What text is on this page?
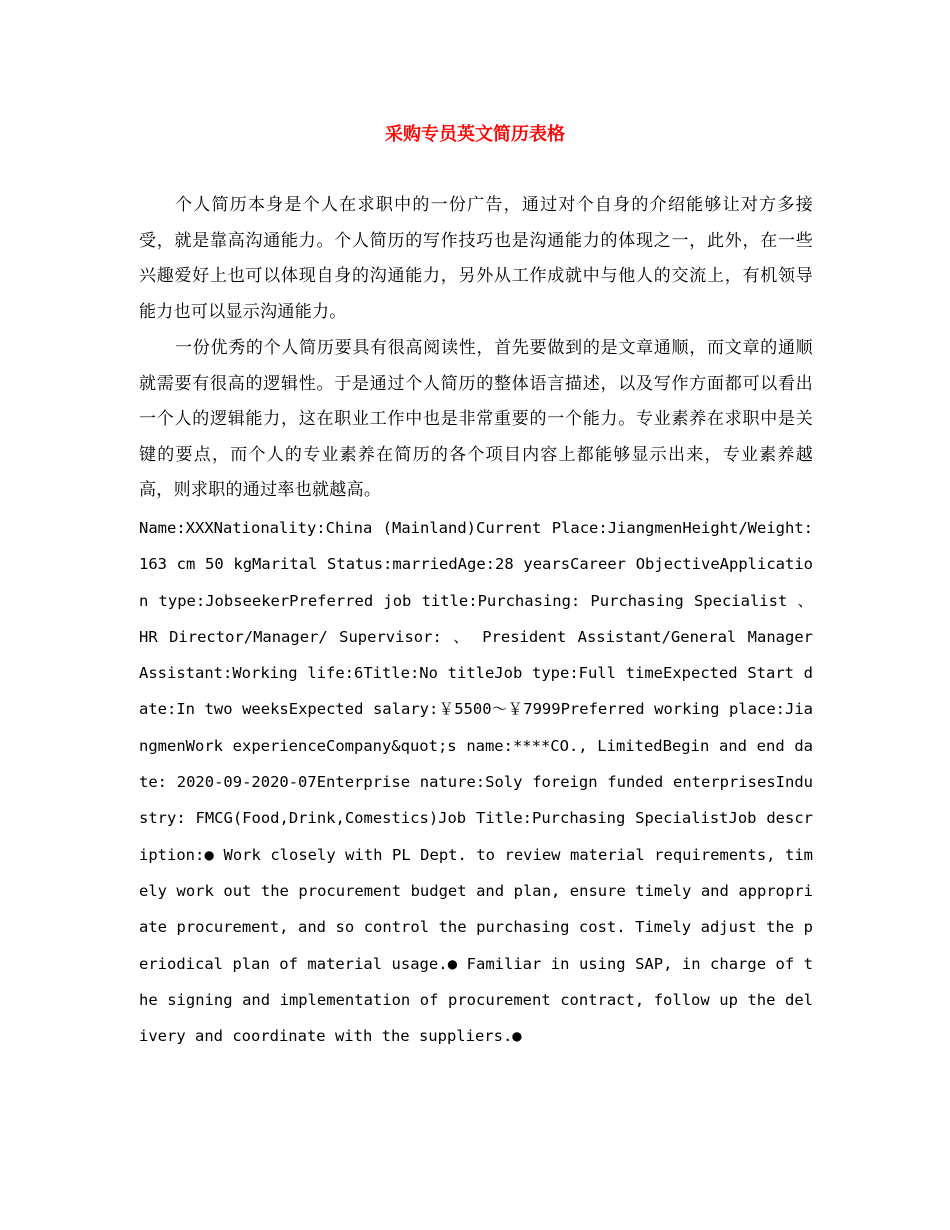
采购专员英文简历表格

个人简历本身是个人在求职中的一份广告，通过对个自身的介绍能够让对方多接受，就是靠高沟通能力。个人简历的写作技巧也是沟通能力的体现之一，此外，在一些兴趣爱好上也可以体现自身的沟通能力，另外从工作成就中与他人的交流上，有机领导能力也可以显示沟通能力。

一份优秀的个人简历要具有很高阅读性，首先要做到的是文章通顺，而文章的通顺就需要有很高的逻辑性。于是通过个人简历的整体语言描述，以及写作方面都可以看出一个人的逻辑能力，这在职业工作中也是非常重要的一个能力。专业素养在求职中是关键的要点，而个人的专业素养在简历的各个项目内容上都能够显示出来，专业素养越高，则求职的通过率也就越高。

Name:XXXNationality:China (Mainland)Current Place:JiangmenHeight/Weight:163 cm 50 kgMarital Status:marriedAge:28 yearsCareer ObjectiveApplication type:JobseekerPreferred job title:Purchasing: Purchasing Specialist 、 HR Director/Manager/ Supervisor: 、 President Assistant/General Manager Assistant:Working life:6Title:No titleJob type:Full timeExpected Start date:In two weeksExpected salary:￥5500～￥7999Preferred working place:JiangmenWork experienceCompany&quot;s name:****CO., LimitedBegin and end date: 2020-09-2020-07Enterprise nature:Soly foreign funded enterprisesIndustry: FMCG(Food,Drink,Comestics)Job Title:Purchasing SpecialistJob description:● Work closely with PL Dept. to review material requirements, timely work out the procurement budget and plan, ensure timely and appropriate procurement, and so control the purchasing cost. Timely adjust the periodical plan of material usage.● Familiar in using SAP, in charge of the signing and implementation of procurement contract, follow up the delivery and coordinate with the suppliers.●
